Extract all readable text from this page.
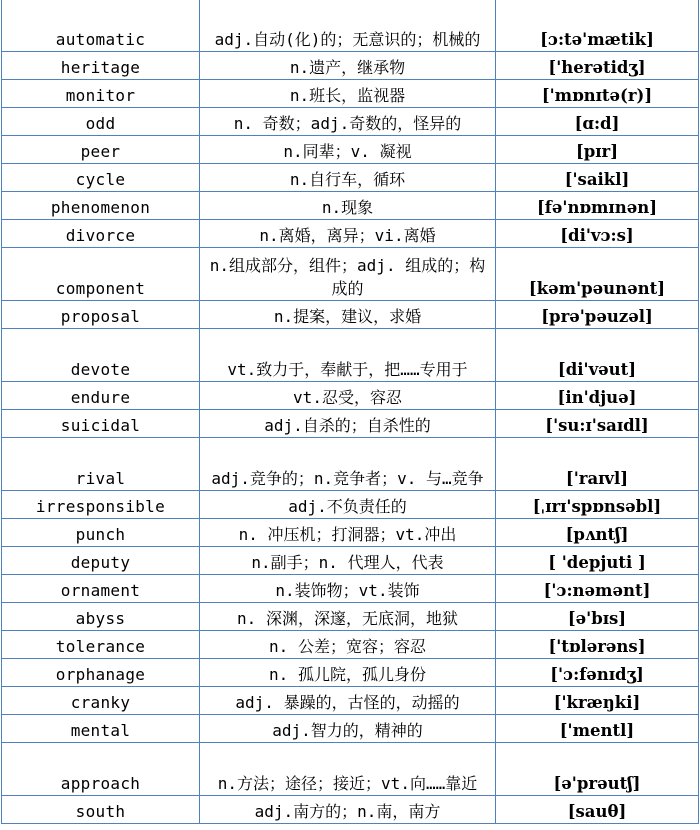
automatic	adj.自动(化)的；无意识的；机械的	[ɔ:tə'mætik]
heritage	n.遗产，继承物	['herətidʒ]
monitor	n.班长，监视器	['mɒnɪtə(r)]
odd	n. 奇数；adj.奇数的，怪异的	[ɑ:d]
peer	n.同辈；v. 凝视	[pɪr]
cycle	n.自行车，循环	['saikl]
phenomenon	n.现象	[fə'nɒmɪnən]
divorce	n.离婚，离异；vi.离婚	[di'vɔ:s]
component	n.组成部分，组件；adj. 组成的；构成的	[kəm'pəunənt]
proposal	n.提案，建议，求婚	[prə'pəuzəl]
devote	vt.致力于，奉献于，把……专用于	[di'vəut]
endure	vt.忍受，容忍	[in'djuə]
suicidal	adj.自杀的；自杀性的	['su:ɪ'saɪdl]
rival	adj.竞争的；n.竞争者；v. 与…竞争	['raɪvl]
irresponsible	adj.不负责任的	[ˌɪrɪ'spɒnsəbl]
punch	n. 冲压机；打洞器；vt.冲出	[pʌntʃ]
deputy	n.副手；n. 代理人，代表	[ 'depjuti ]
ornament	n.装饰物；vt.装饰	['ɔ:nəmənt]
abyss	n. 深渊，深邃，无底洞，地狱	[ə'bɪs]
tolerance	n. 公差；宽容；容忍	['tɒlərəns]
orphanage	n. 孤儿院，孤儿身份	['ɔ:fənɪdʒ]
cranky	adj. 暴躁的，古怪的，动摇的	['kræŋki]
mental	adj.智力的，精神的	['mentl]
approach	n.方法；途径；接近；vt.向……靠近	[ə'prəutʃ]
south	adj.南方的；n.南，南方	[sauθ]
